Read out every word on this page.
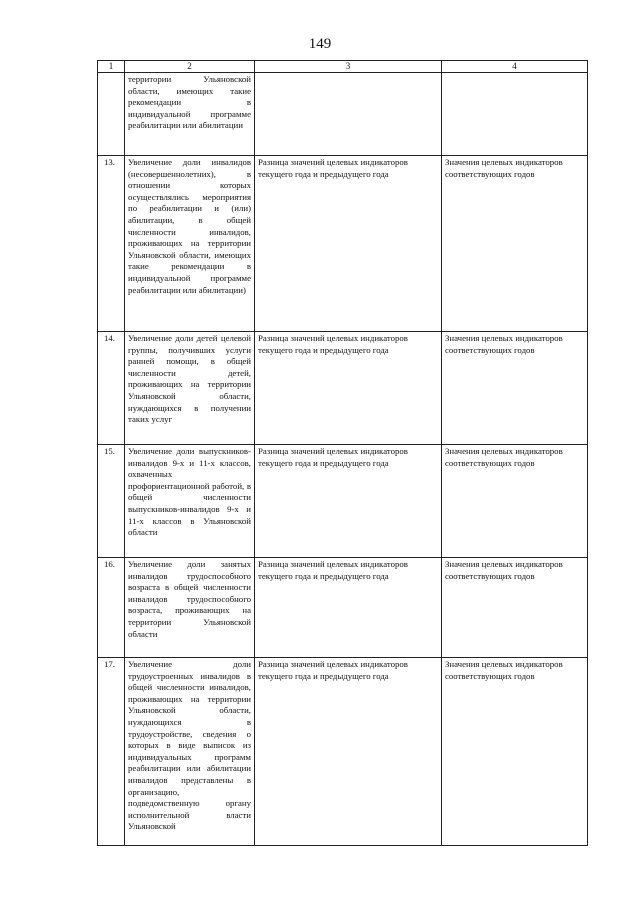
149
1	2	3	4
	территории Ульяновской области, имеющих такие рекомендации в индивидуальной программе реабилитации или абилитации		
13.	Увеличение доли инвалидов (несовершеннолетних), в отношении которых осуществлялись мероприятия по реабилитации и (или) абилитации, в общей численности инвалидов, проживающих на территории Ульяновской области, имеющих такие рекомендации в индивидуальной программе реабилитации или абилитации)	Разница значений целевых индикаторов текущего года и предыдущего года	Значения целевых индикаторов соответствующих годов
14.	Увеличение доли детей целевой группы, получивших услуги ранней помощи, в общей численности детей, проживающих на территории Ульяновской области, нуждающихся в получении таких услуг	Разница значений целевых индикаторов текущего года и предыдущего года	Значения целевых индикаторов соответствующих годов
15.	Увеличение доли выпускников-инвалидов 9-х и 11-х классов, охваченных профориентационной работой, в общей численности выпускников-инвалидов 9-х и 11-х классов в Ульяновской области	Разница значений целевых индикаторов текущего года и предыдущего года	Значения целевых индикаторов соответствующих годов
16.	Увеличение доли занятых инвалидов трудоспособного возраста в общей численности инвалидов трудоспособного возраста, проживающих на территории Ульяновской области	Разница значений целевых индикаторов текущего года и предыдущего года	Значения целевых индикаторов соответствующих годов
17.	Увеличение доли трудоустроенных инвалидов в общей численности инвалидов, проживающих на территории Ульяновской области, нуждающихся в трудоустройстве, сведения о которых в виде выписок из индивидуальных программ реабилитации или абилитации инвалидов представлены в организацию, подведомственную органу исполнительной власти Ульяновской	Разница значений целевых индикаторов текущего года и предыдущего года	Значения целевых индикаторов соответствующих годов
